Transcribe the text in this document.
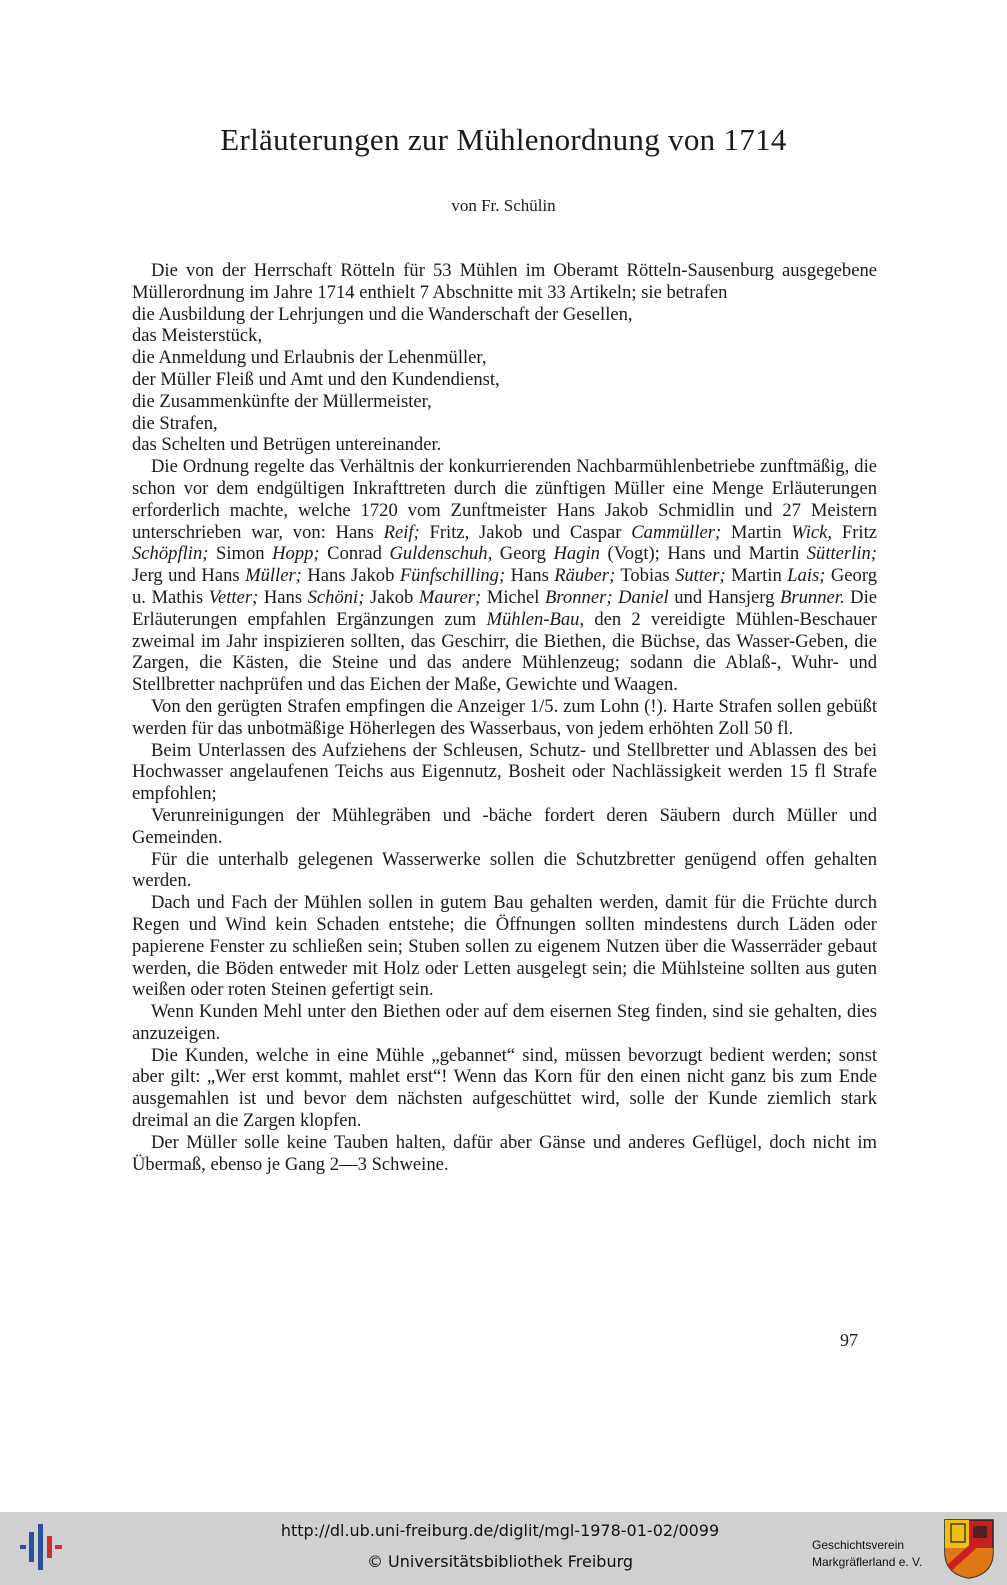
Erläuterungen zur Mühlenordnung von 1714
von Fr. Schülin

Die von der Herrschaft Rötteln für 53 Mühlen im Oberamt Rötteln-Sausenburg ausgegebene Müllerordnung im Jahre 1714 enthielt 7 Abschnitte mit 33 Artikeln; sie betrafen

die Ausbildung der Lehrjungen und die Wanderschaft der Gesellen,

das Meisterstück,

die Anmeldung und Erlaubnis der Lehenmüller,

der Müller Fleiß und Amt und den Kundendienst,

die Zusammenkünfte der Müllermeister,

die Strafen,

das Schelten und Betrügen untereinander.

Die Ordnung regelte das Verhältnis der konkurrierenden Nachbarmühlenbetriebe zunftmäßig, die schon vor dem endgültigen Inkrafttreten durch die zünftigen Müller eine Menge Erläuterungen erforderlich machte, welche 1720 vom Zunftmeister Hans Jakob Schmidlin und 27 Meistern unterschrieben war, von: Hans Reif; Fritz, Jakob und Caspar Cammüller; Martin Wick, Fritz Schöpflin; Simon Hopp; Conrad Guldenschuh, Georg Hagin (Vogt); Hans und Martin Sütterlin; Jerg und Hans Müller; Hans Jakob Fünfschilling; Hans Räuber; Tobias Sutter; Martin Lais; Georg u. Mathis Vetter; Hans Schöni; Jakob Maurer; Michel Bronner; Daniel und Hansjerg Brunner. Die Erläuterungen empfahlen Ergänzungen zum Mühlen-Bau, den 2 vereidigte Mühlen-Beschauer zweimal im Jahr inspizieren sollten, das Geschirr, die Biethen, die Büchse, das Wasser-Geben, die Zargen, die Kästen, die Steine und das andere Mühlenzeug; sodann die Ablaß-, Wuhr- und Stellbretter nachprüfen und das Eichen der Maße, Gewichte und Waagen.

Von den gerügten Strafen empfingen die Anzeiger 1/5. zum Lohn (!). Harte Strafen sollen gebüßt werden für das unbotmäßige Höherlegen des Wasserbaus, von jedem erhöhten Zoll 50 fl.

Beim Unterlassen des Aufziehens der Schleusen, Schutz- und Stellbretter und Ablassen des bei Hochwasser angelaufenen Teichs aus Eigennutz, Bosheit oder Nachlässigkeit werden 15 fl Strafe empfohlen;

Verunreinigungen der Mühlegräben und -bäche fordert deren Säubern durch Müller und Gemeinden.

Für die unterhalb gelegenen Wasserwerke sollen die Schutzbretter genügend offen gehalten werden.

Dach und Fach der Mühlen sollen in gutem Bau gehalten werden, damit für die Früchte durch Regen und Wind kein Schaden entstehe; die Öffnungen sollten mindestens durch Läden oder papierene Fenster zu schließen sein; Stuben sollen zu eigenem Nutzen über die Wasserräder gebaut werden, die Böden entweder mit Holz oder Letten ausgelegt sein; die Mühlsteine sollten aus guten weißen oder roten Steinen gefertigt sein.

Wenn Kunden Mehl unter den Biethen oder auf dem eisernen Steg finden, sind sie gehalten, dies anzuzeigen.

Die Kunden, welche in eine Mühle „gebannet“ sind, müssen bevorzugt bedient werden; sonst aber gilt: „Wer erst kommt, mahlet erst“! Wenn das Korn für den einen nicht ganz bis zum Ende ausgemahlen ist und bevor dem nächsten aufgeschüttet wird, solle der Kunde ziemlich stark dreimal an die Zargen klopfen.

Der Müller solle keine Tauben halten, dafür aber Gänse und anderes Geflügel, doch nicht im Übermaß, ebenso je Gang 2—3 Schweine.

97
http://dl.ub.uni-freiburg.de/diglit/mgl-1978-01-02/0099
© Universitätsbibliothek Freiburg
Geschichtsverein
Markgräflerland e. V.
